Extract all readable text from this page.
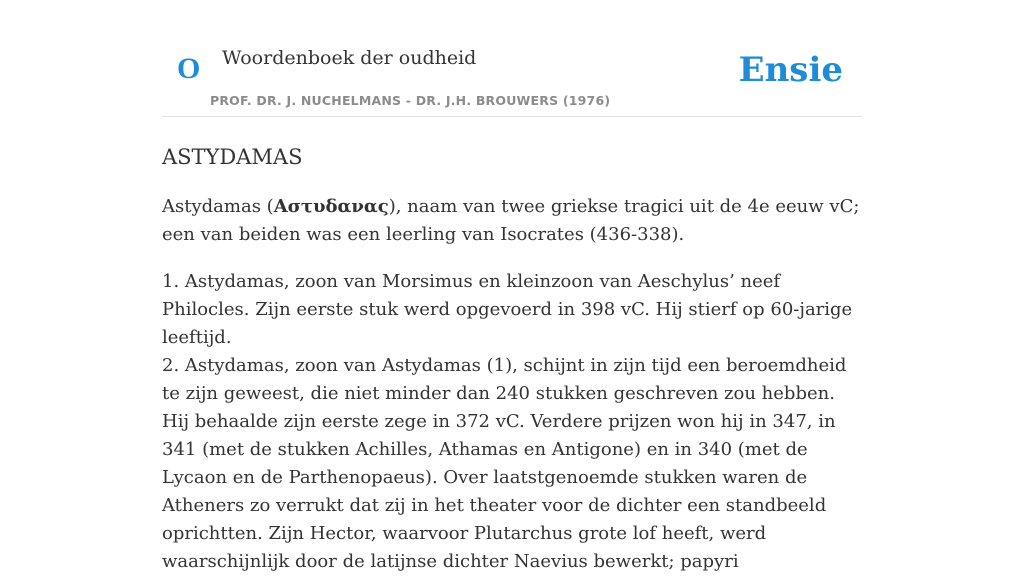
O Woordenboek der oudheid	Ensie
PROF. DR. J. NUCHELMANS - DR. J.H. BROUWERS (1976)
ASTYDAMAS

Astydamas (Αστυδανας), naam van twee griekse tragici uit de 4e eeuw vC; een van beiden was een leerling van Isocrates (436-338).

1. Astydamas, zoon van Morsimus en kleinzoon van Aeschylus’ neef Philocles. Zijn eerste stuk werd opgevoerd in 398 vC. Hij stierf op 60-jarige leeftijd.
2. Astydamas, zoon van Astydamas (1), schijnt in zijn tijd een beroemdheid te zijn geweest, die niet minder dan 240 stukken geschreven zou hebben. Hij behaalde zijn eerste zege in 372 vC. Verdere prijzen won hij in 347, in 341 (met de stukken Achilles, Athamas en Antigone) en in 340 (met de Lycaon en de Parthenopaeus). Over laatstgenoemde stukken waren de Atheners zo verrukt dat zij in het theater voor de dichter een standbeeld oprichtten. Zijn Hector, waarvoor Plutarchus grote lof heeft, werd waarschijnlijk door de latijnse dichter Naevius bewerkt; papyri
